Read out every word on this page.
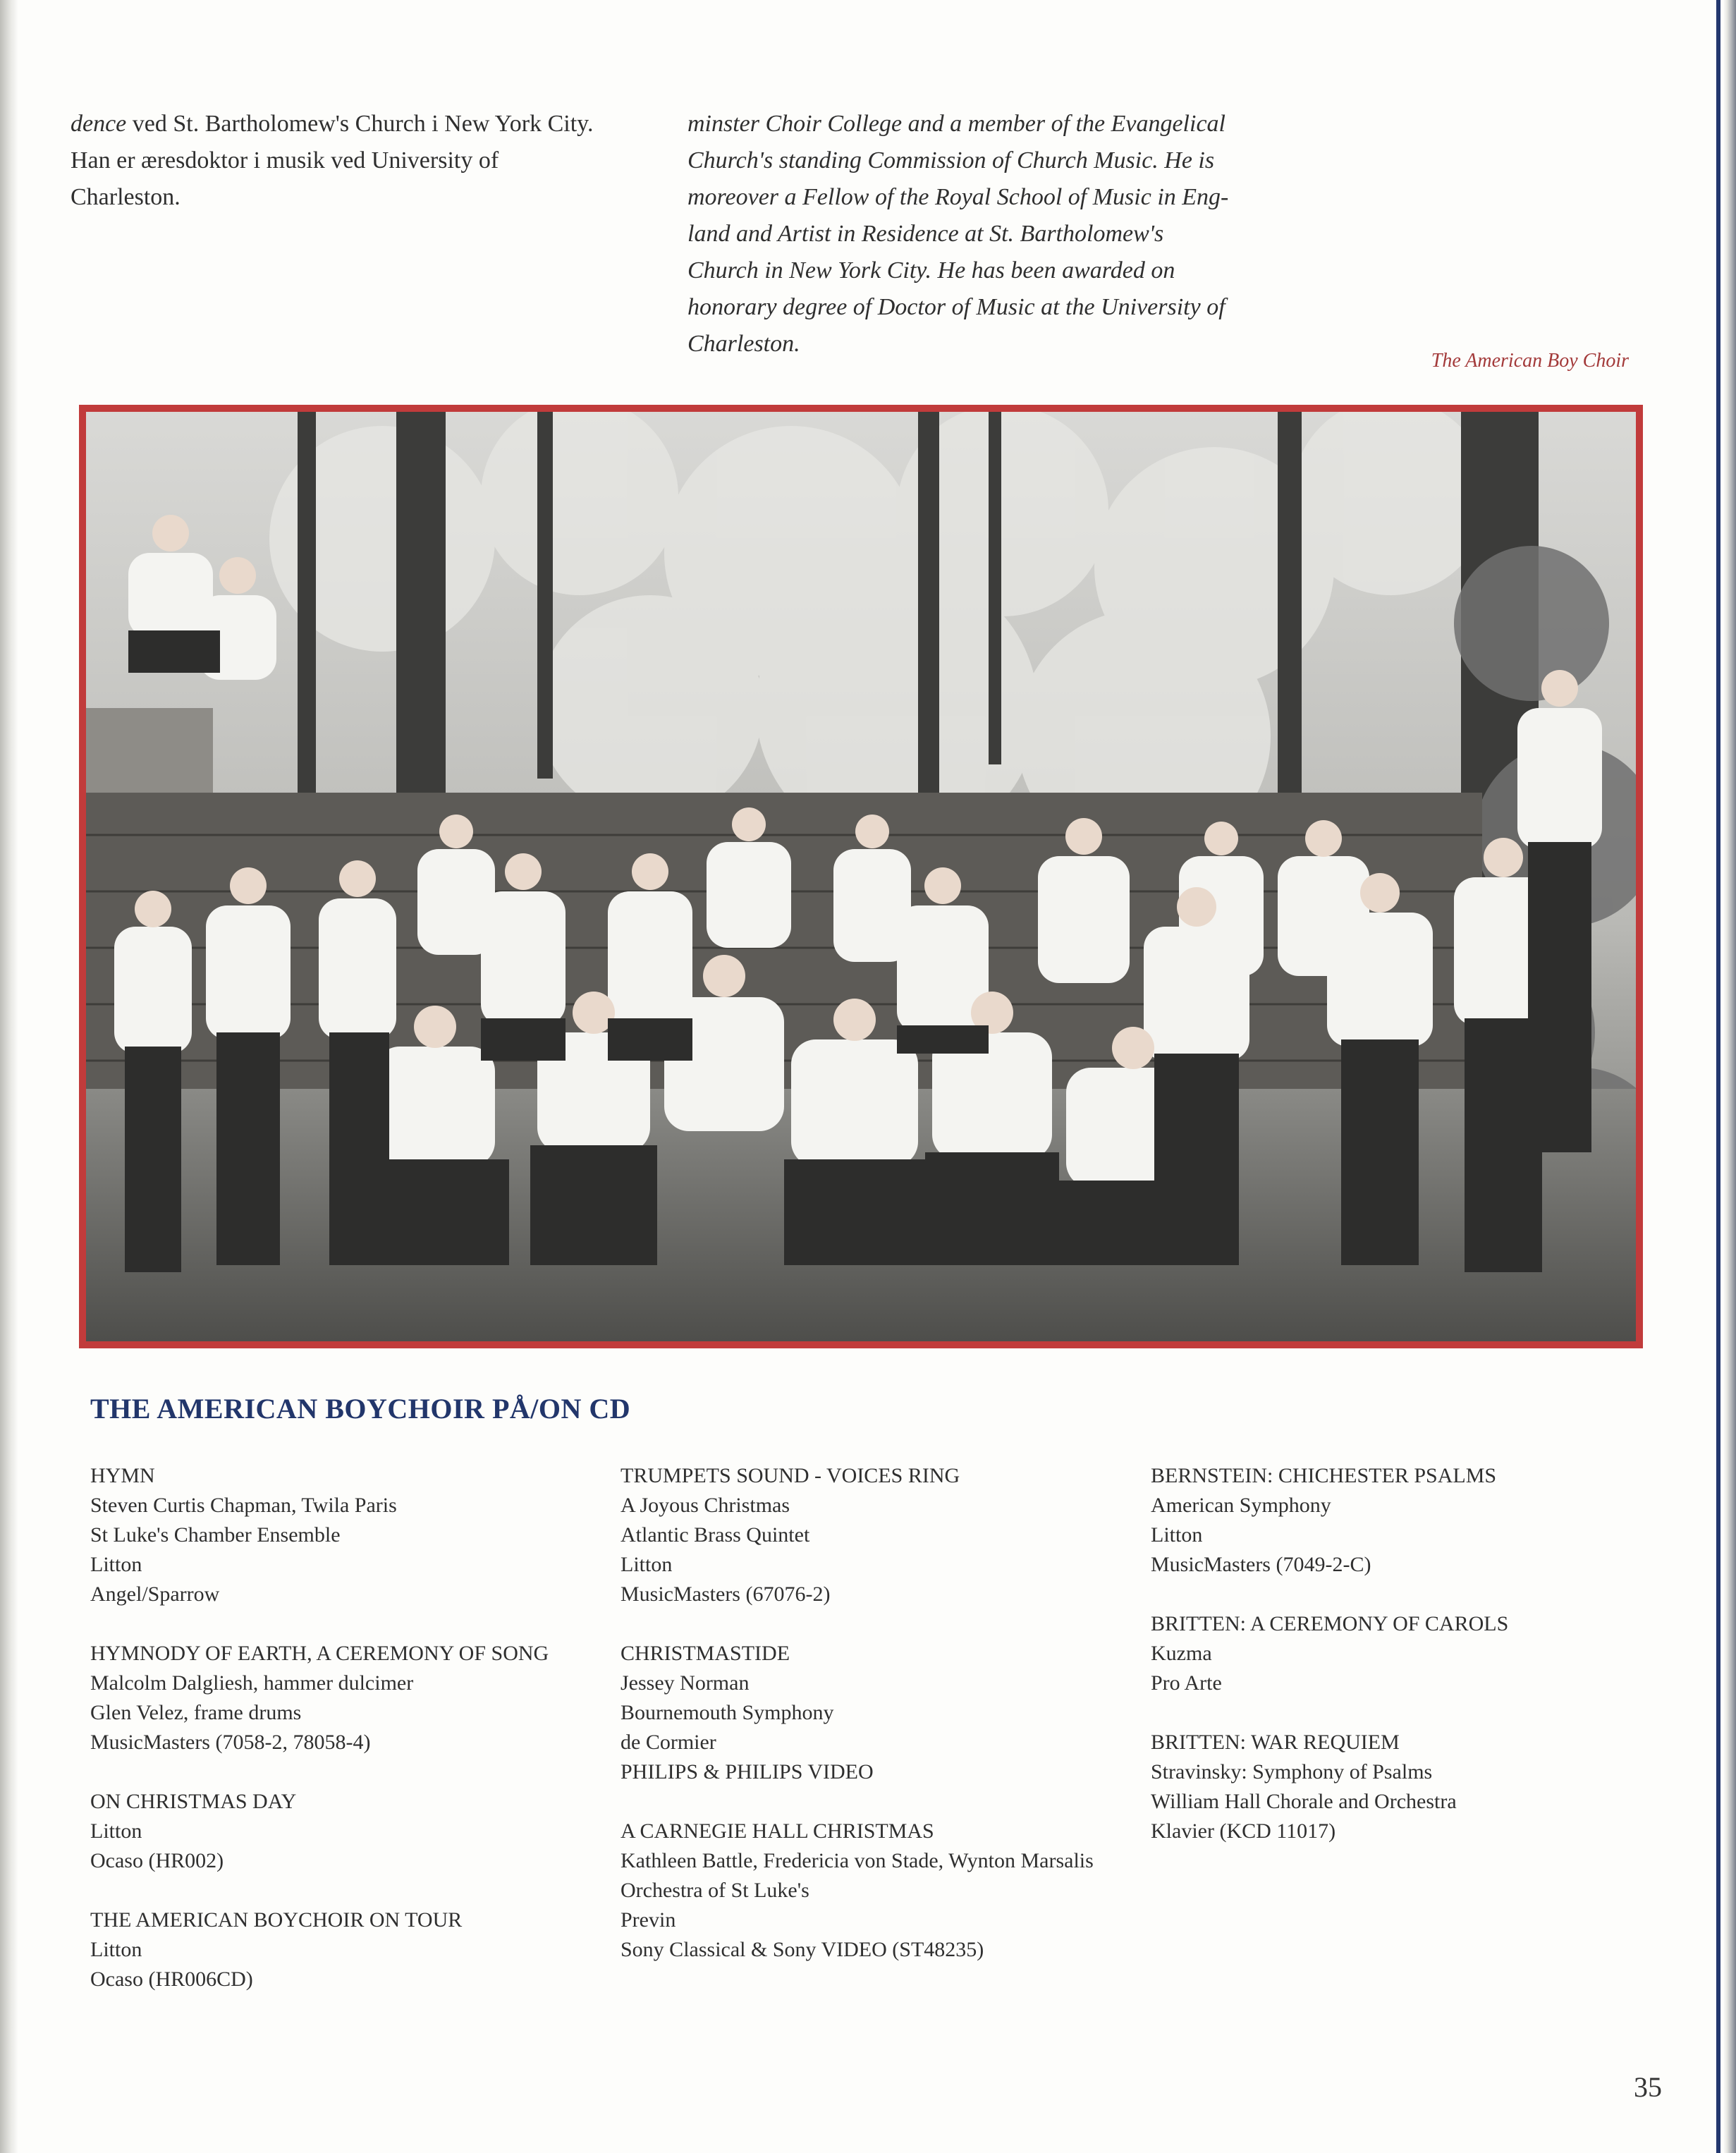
dence ved St. Bartholomew's Church i New York City.
Han er æresdoktor i musik ved University of
Charleston.

minster Choir College and a member of the Evangelical
Church's standing Commission of Church Music. He is
moreover a Fellow of the Royal School of Music in Eng-
land and Artist in Residence at St. Bartholomew's
Church in New York City. He has been awarded on
honorary degree of Doctor of Music at the University of
Charleston.

The American Boy Choir
THE AMERICAN BOYCHOIR PÅ/ON CD
HYMN
Steven Curtis Chapman, Twila Paris
St Luke's Chamber Ensemble
Litton
Angel/Sparrow
HYMNODY OF EARTH, A CEREMONY OF SONG
Malcolm Dalgliesh, hammer dulcimer
Glen Velez, frame drums
MusicMasters (7058-2, 78058-4)
ON CHRISTMAS DAY
Litton
Ocaso (HR002)
THE AMERICAN BOYCHOIR ON TOUR
Litton
Ocaso (HR006CD)
TRUMPETS SOUND - VOICES RING
A Joyous Christmas
Atlantic Brass Quintet
Litton
MusicMasters (67076-2)
CHRISTMASTIDE
Jessey Norman
Bournemouth Symphony
de Cormier
PHILIPS & PHILIPS VIDEO
A CARNEGIE HALL CHRISTMAS
Kathleen Battle, Fredericia von Stade, Wynton Marsalis
Orchestra of St Luke's
Previn
Sony Classical & Sony VIDEO (ST48235)
BERNSTEIN: CHICHESTER PSALMS
American Symphony
Litton
MusicMasters (7049-2-C)
BRITTEN: A CEREMONY OF CAROLS
Kuzma
Pro Arte
BRITTEN: WAR REQUIEM
Stravinsky: Symphony of Psalms
William Hall Chorale and Orchestra
Klavier (KCD 11017)
35
